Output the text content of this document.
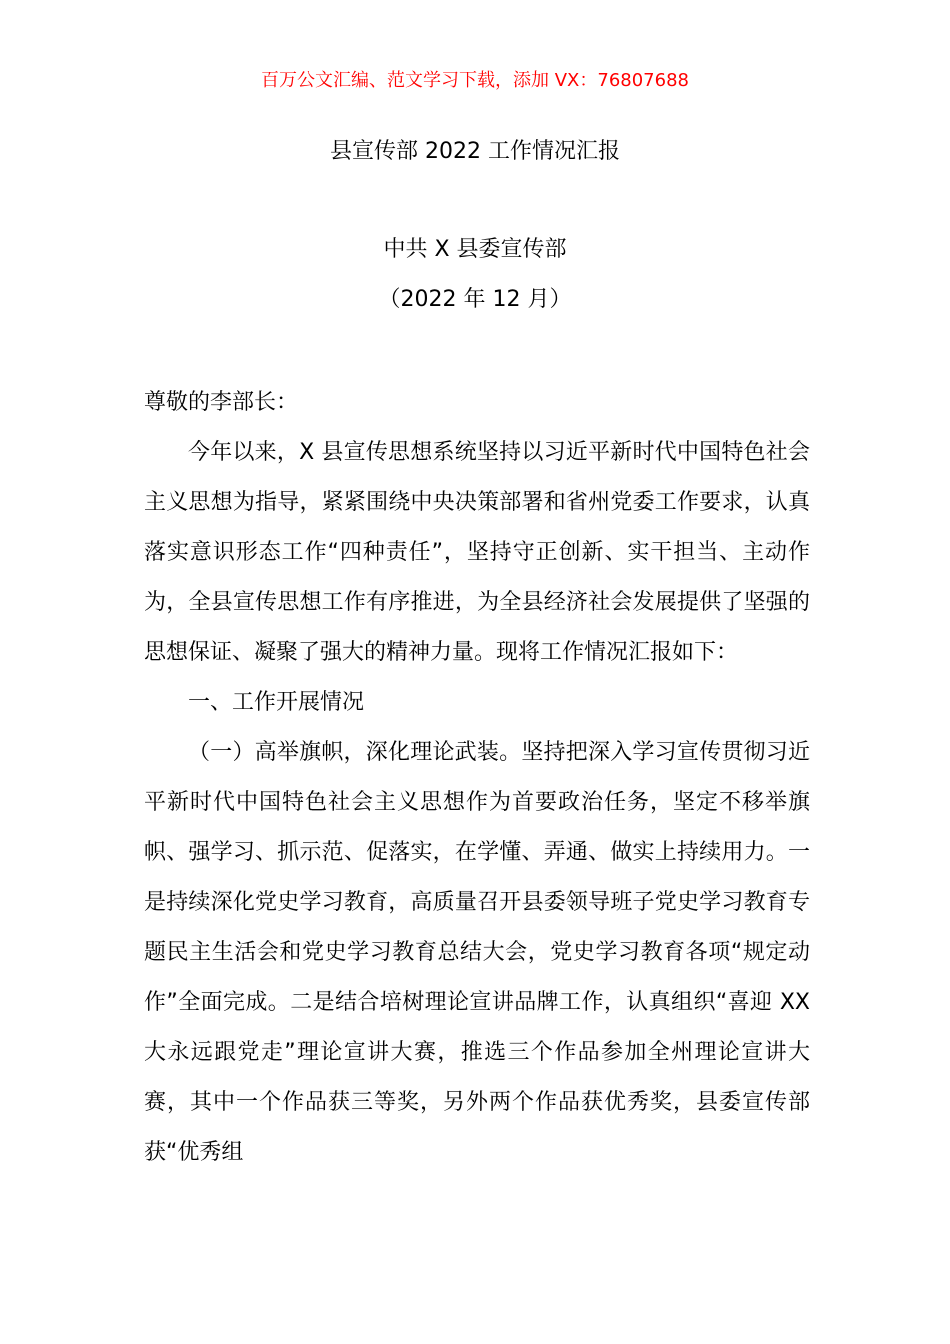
百万公文汇编、范文学习下载，添加 VX：76807688
县宣传部 2022 工作情况汇报
中共 X 县委宣传部
（2022 年 12 月）

尊敬的李部长：

今年以来，X 县宣传思想系统坚持以习近平新时代中国特色社会主义思想为指导，紧紧围绕中央决策部署和省州党委工作要求，认真落实意识形态工作“四种责任”，坚持守正创新、实干担当、主动作为，全县宣传思想工作有序推进，为全县经济社会发展提供了坚强的思想保证、凝聚了强大的精神力量。现将工作情况汇报如下：

一、工作开展情况

（一）高举旗帜，深化理论武装。坚持把深入学习宣传贯彻习近平新时代中国特色社会主义思想作为首要政治任务，坚定不移举旗帜、强学习、抓示范、促落实，在学懂、弄通、做实上持续用力。一是持续深化党史学习教育，高质量召开县委领导班子党史学习教育专题民主生活会和党史学习教育总结大会，党史学习教育各项“规定动作”全面完成。二是结合培树理论宣讲品牌工作，认真组织“喜迎 XX 大永远跟党走”理论宣讲大赛，推选三个作品参加全州理论宣讲大赛，其中一个作品获三等奖，另外两个作品获优秀奖，县委宣传部获“优秀组
